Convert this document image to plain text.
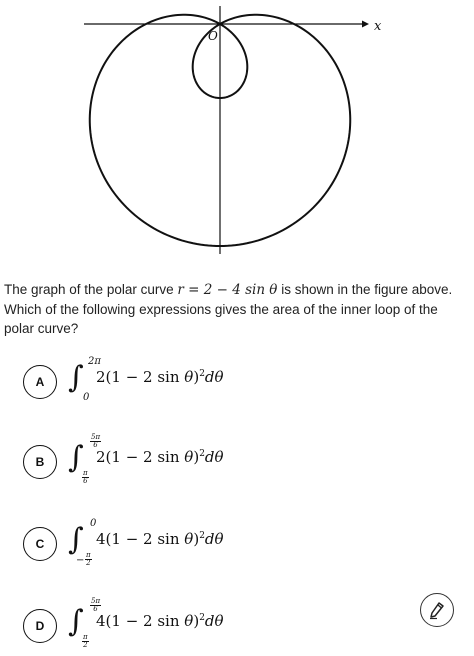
x
O
The graph of the polar curve r = 2 − 4 sin θ is shown in the figure above. Which of the following expressions gives the area of the inner loop of the polar curve?
A ∫ 2π
0
2(1 − 2 sin θ)$^2$dθ
B ∫ $\frac{5\pi}{6}$
$\frac{\pi}{6}$
2(1 − 2 sin θ)$^2$dθ
C ∫ 0
− $\frac{\pi}{2}$
4(1 − 2 sin θ)$^2$dθ
D ∫ $\frac{5\pi}{6}$
$\frac{\pi}{2}$
4(1 − 2 sin θ)$^2$dθ
